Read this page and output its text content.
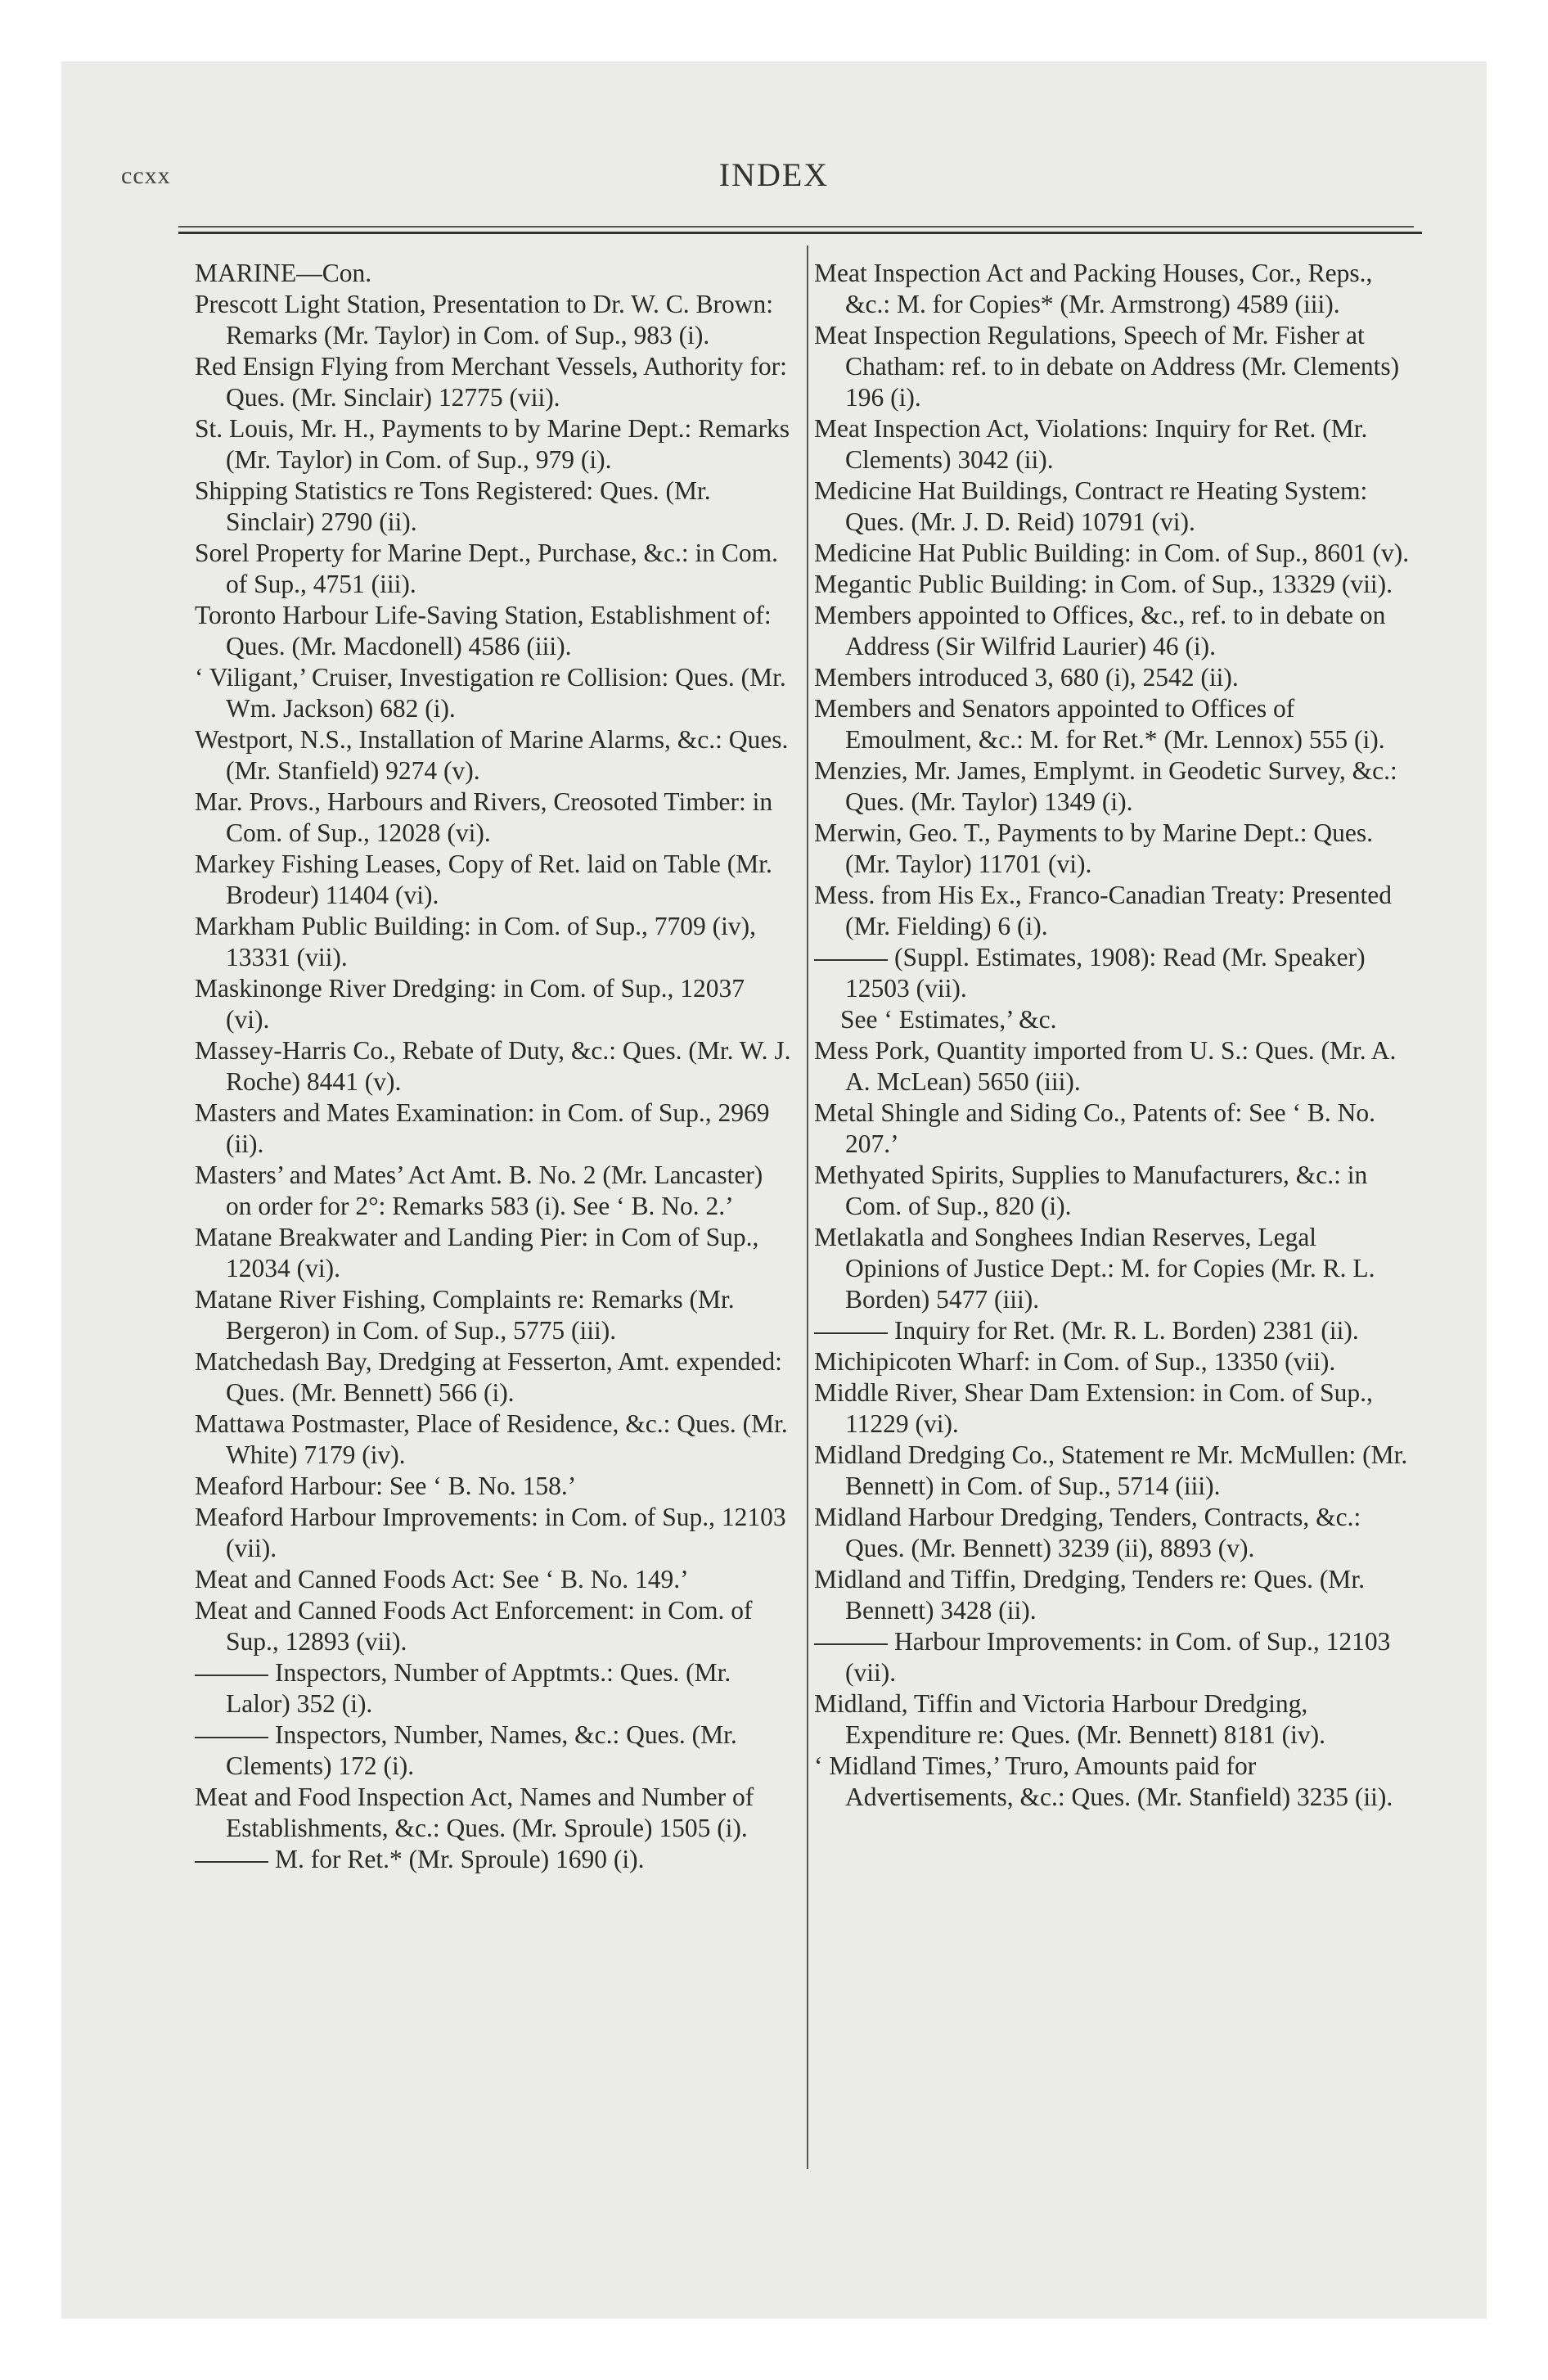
ccxx	INDEX

MARINE—Con.

Prescott Light Station, Presentation to Dr. W. C. Brown: Remarks (Mr. Taylor) in Com. of Sup., 983 (i).

Red Ensign Flying from Merchant Vessels, Authority for: Ques. (Mr. Sinclair) 12775 (vii).

St. Louis, Mr. H., Payments to by Marine Dept.: Remarks (Mr. Taylor) in Com. of Sup., 979 (i).

Shipping Statistics re Tons Registered: Ques. (Mr. Sinclair) 2790 (ii).

Sorel Property for Marine Dept., Purchase, &c.: in Com. of Sup., 4751 (iii).

Toronto Harbour Life-Saving Station, Establishment of: Ques. (Mr. Macdonell) 4586 (iii).

‘ Viligant,’ Cruiser, Investigation re Collision: Ques. (Mr. Wm. Jackson) 682 (i).

Westport, N.S., Installation of Marine Alarms, &c.: Ques. (Mr. Stanfield) 9274 (v).

Mar. Provs., Harbours and Rivers, Creosoted Timber: in Com. of Sup., 12028 (vi).

Markey Fishing Leases, Copy of Ret. laid on Table (Mr. Brodeur) 11404 (vi).

Markham Public Building: in Com. of Sup., 7709 (iv), 13331 (vii).

Maskinonge River Dredging: in Com. of Sup., 12037 (vi).

Massey-Harris Co., Rebate of Duty, &c.: Ques. (Mr. W. J. Roche) 8441 (v).

Masters and Mates Examination: in Com. of Sup., 2969 (ii).

Masters’ and Mates’ Act Amt. B. No. 2 (Mr. Lancaster) on order for 2°: Remarks 583 (i). See ‘ B. No. 2.’

Matane Breakwater and Landing Pier: in Com of Sup., 12034 (vi).

Matane River Fishing, Complaints re: Remarks (Mr. Bergeron) in Com. of Sup., 5775 (iii).

Matchedash Bay, Dredging at Fesserton, Amt. expended: Ques. (Mr. Bennett) 566 (i).

Mattawa Postmaster, Place of Residence, &c.: Ques. (Mr. White) 7179 (iv).

Meaford Harbour: See ‘ B. No. 158.’

Meaford Harbour Improvements: in Com. of Sup., 12103 (vii).

Meat and Canned Foods Act: See ‘ B. No. 149.’

Meat and Canned Foods Act Enforcement: in Com. of Sup., 12893 (vii).

Inspectors, Number of Apptmts.: Ques. (Mr. Lalor) 352 (i).

Inspectors, Number, Names, &c.: Ques. (Mr. Clements) 172 (i).

Meat and Food Inspection Act, Names and Number of Establishments, &c.: Ques. (Mr. Sproule) 1505 (i).

M. for Ret.* (Mr. Sproule) 1690 (i).

Meat Inspection Act and Packing Houses, Cor., Reps., &c.: M. for Copies* (Mr. Armstrong) 4589 (iii).

Meat Inspection Regulations, Speech of Mr. Fisher at Chatham: ref. to in debate on Address (Mr. Clements) 196 (i).

Meat Inspection Act, Violations: Inquiry for Ret. (Mr. Clements) 3042 (ii).

Medicine Hat Buildings, Contract re Heating System: Ques. (Mr. J. D. Reid) 10791 (vi).

Medicine Hat Public Building: in Com. of Sup., 8601 (v).

Megantic Public Building: in Com. of Sup., 13329 (vii).

Members appointed to Offices, &c., ref. to in debate on Address (Sir Wilfrid Laurier) 46 (i).

Members introduced 3, 680 (i), 2542 (ii).

Members and Senators appointed to Offices of Emoulment, &c.: M. for Ret.* (Mr. Lennox) 555 (i).

Menzies, Mr. James, Emplymt. in Geodetic Survey, &c.: Ques. (Mr. Taylor) 1349 (i).

Merwin, Geo. T., Payments to by Marine Dept.: Ques. (Mr. Taylor) 11701 (vi).

Mess. from His Ex., Franco-Canadian Treaty: Presented (Mr. Fielding) 6 (i).

(Suppl. Estimates, 1908): Read (Mr. Speaker) 12503 (vii).

See ‘ Estimates,’ &c.

Mess Pork, Quantity imported from U. S.: Ques. (Mr. A. A. McLean) 5650 (iii).

Metal Shingle and Siding Co., Patents of: See ‘ B. No. 207.’

Methyated Spirits, Supplies to Manufacturers, &c.: in Com. of Sup., 820 (i).

Metlakatla and Songhees Indian Reserves, Legal Opinions of Justice Dept.: M. for Copies (Mr. R. L. Borden) 5477 (iii).

Inquiry for Ret. (Mr. R. L. Borden) 2381 (ii).

Michipicoten Wharf: in Com. of Sup., 13350 (vii).

Middle River, Shear Dam Extension: in Com. of Sup., 11229 (vi).

Midland Dredging Co., Statement re Mr. McMullen: (Mr. Bennett) in Com. of Sup., 5714 (iii).

Midland Harbour Dredging, Tenders, Contracts, &c.: Ques. (Mr. Bennett) 3239 (ii), 8893 (v).

Midland and Tiffin, Dredging, Tenders re: Ques. (Mr. Bennett) 3428 (ii).

Harbour Improvements: in Com. of Sup., 12103 (vii).

Midland, Tiffin and Victoria Harbour Dredging, Expenditure re: Ques. (Mr. Bennett) 8181 (iv).

‘ Midland Times,’ Truro, Amounts paid for Advertisements, &c.: Ques. (Mr. Stanfield) 3235 (ii).
